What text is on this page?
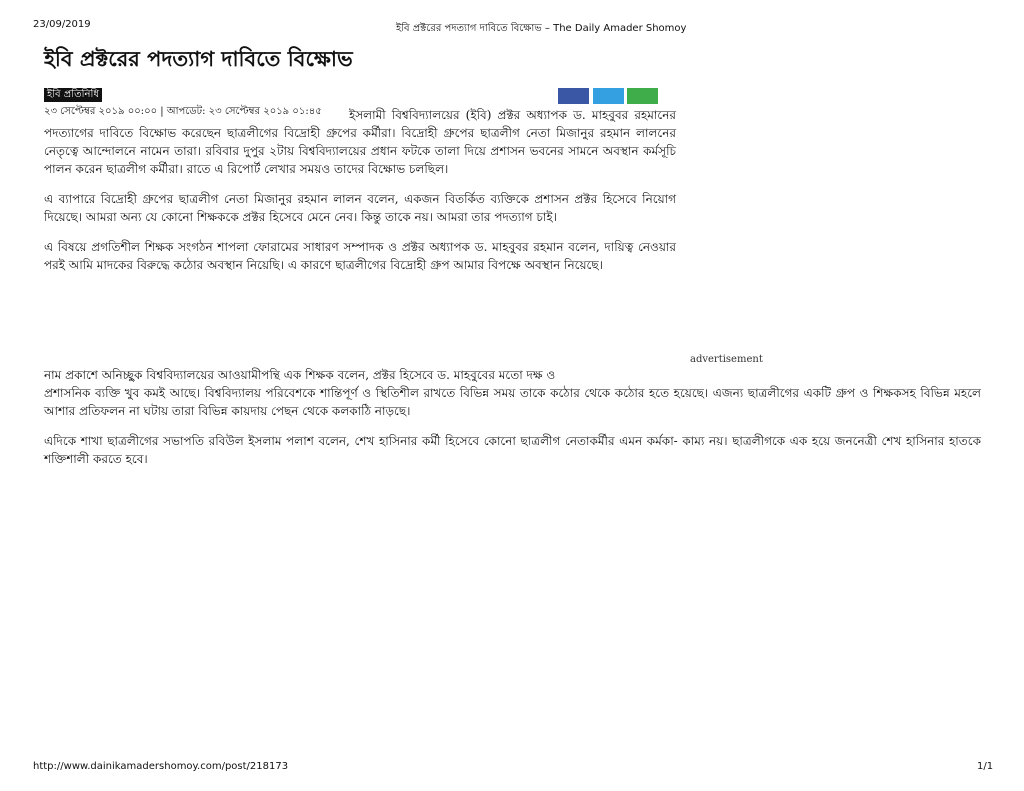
23/09/2019	ইবি প্রক্টরের পদত্যাগ দাবিতে বিক্ষোভ – The Daily Amader Shomoy
ইবি প্রক্টরের পদত্যাগ দাবিতে বিক্ষোভ
ইবি প্রতিনিধি
২৩ সেপ্টেম্বর ২০১৯ ০০:০০ | আপডেট: ২৩ সেপ্টেম্বর ২০১৯ ০১:৪৫	ইসলামী বিশ্ববিদ্যালয়ের (ইবি) প্রক্টর অধ্যাপক ড. মাহবুবর রহমানের পদত্যাগের দাবিতে বিক্ষোভ করেছেন ছাত্রলীগের বিদ্রোহী গ্রুপের কর্মীরা। বিদ্রোহী গ্রুপের ছাত্রলীগ নেতা মিজানুর রহমান লালনের নেতৃত্বে আন্দোলনে নামেন তারা। রবিবার দুপুর ২টায় বিশ্ববিদ্যালয়ের প্রধান ফটকে তালা দিয়ে প্রশাসন ভবনের সামনে অবস্থান কর্মসূচি পালন করেন ছাত্রলীগ কর্মীরা। রাতে এ রিপোর্ট লেখার সময়ও তাদের বিক্ষোভ চলছিল।

এ ব্যাপারে বিদ্রোহী গ্রুপের ছাত্রলীগ নেতা মিজানুর রহমান লালন বলেন, একজন বিতর্কিত ব্যক্তিকে প্রশাসন প্রক্টর হিসেবে নিয়োগ দিয়েছে। আমরা অন্য যে কোনো শিক্ষককে প্রক্টর হিসেবে মেনে নেব। কিন্তু তাকে নয়। আমরা তার পদত্যাগ চাই।

এ বিষয়ে প্রগতিশীল শিক্ষক সংগঠন শাপলা ফোরামের সাধারণ সম্পাদক ও প্রক্টর অধ্যাপক ড. মাহবুবর রহমান বলেন, দায়িত্ব নেওয়ার পরই আমি মাদকের বিরুদ্ধে কঠোর অবস্থান নিয়েছি। এ কারণে ছাত্রলীগের বিদ্রোহী গ্রুপ আমার বিপক্ষে অবস্থান নিয়েছে।

advertisement

নাম প্রকাশে অনিচ্ছুক বিশ্ববিদ্যালয়ের আওয়ামীপন্থি এক শিক্ষক বলেন, প্রক্টর হিসেবে ড. মাহবুবের মতো দক্ষ ও

প্রশাসনিক ব্যক্তি খুব কমই আছে। বিশ্ববিদ্যালয় পরিবেশকে শান্তিপূর্ণ ও স্থিতিশীল রাখতে বিভিন্ন সময় তাকে কঠোর থেকে কঠোর হতে হয়েছে। এজন্য ছাত্রলীগের একটি গ্রুপ ও শিক্ষকসহ বিভিন্ন মহলে আশার প্রতিফলন না ঘটায় তারা বিভিন্ন কায়দায় পেছন থেকে কলকাঠি নাড়ছে।

এদিকে শাখা ছাত্রলীগের সভাপতি রবিউল ইসলাম পলাশ বলেন, শেখ হাসিনার কর্মী হিসেবে কোনো ছাত্রলীগ নেতাকর্মীর এমন কর্মকা- কাম্য নয়। ছাত্রলীগকে এক হয়ে জননেত্রী শেখ হাসিনার হাতকে শক্তিশালী করতে হবে।

http://www.dainikamadershomoy.com/post/218173	1/1
